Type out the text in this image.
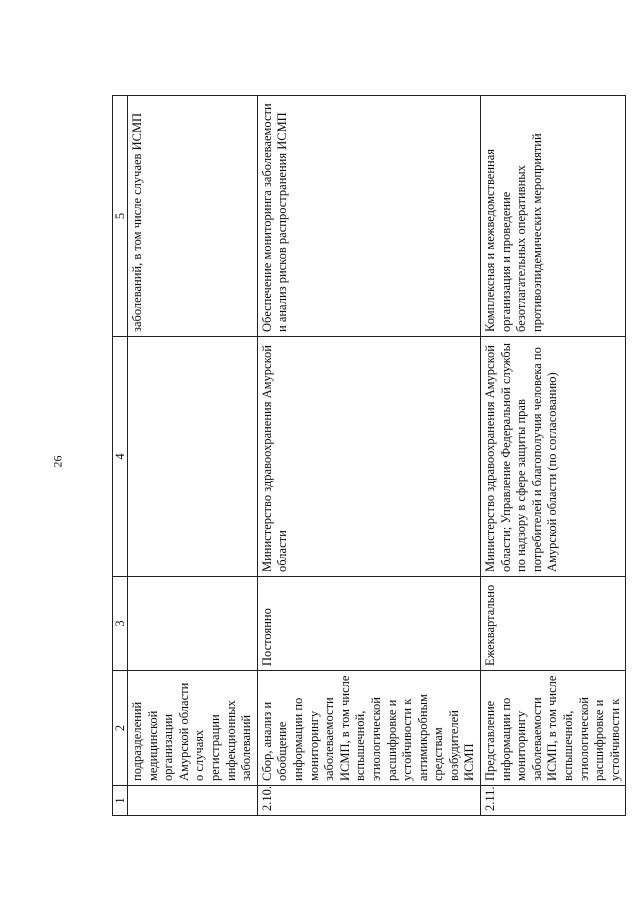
26
1	2	3	4	5
	подразделений медицинской организации Амурской области о случаях регистрации инфекционных заболеваний			заболеваний, в том числе случаев ИСМП
2.10.	Сбор, анализ и обобщение информации по мониторингу заболеваемости ИСМП, в том числе вспышечной, этиологической расшифровке и устойчивости к антимикробным средствам возбудителей ИСМП	Постоянно	Министерство здравоохранения Амурской области	Обеспечение мониторинга заболеваемости и анализ рисков распространения ИСМП
2.11.	Представление информации по мониторингу заболеваемости ИСМП, в том числе вспышечной, этиологической расшифровке и устойчивости к	Ежеквартально	Министерство здравоохранения Амурской области; Управление Федеральной службы по надзору в сфере защиты прав потребителей и благополучия человека по Амурской области (по согласованию)	Комплексная и межведомственная организация и проведение безотлагательных оперативных противоэпидемических мероприятий
